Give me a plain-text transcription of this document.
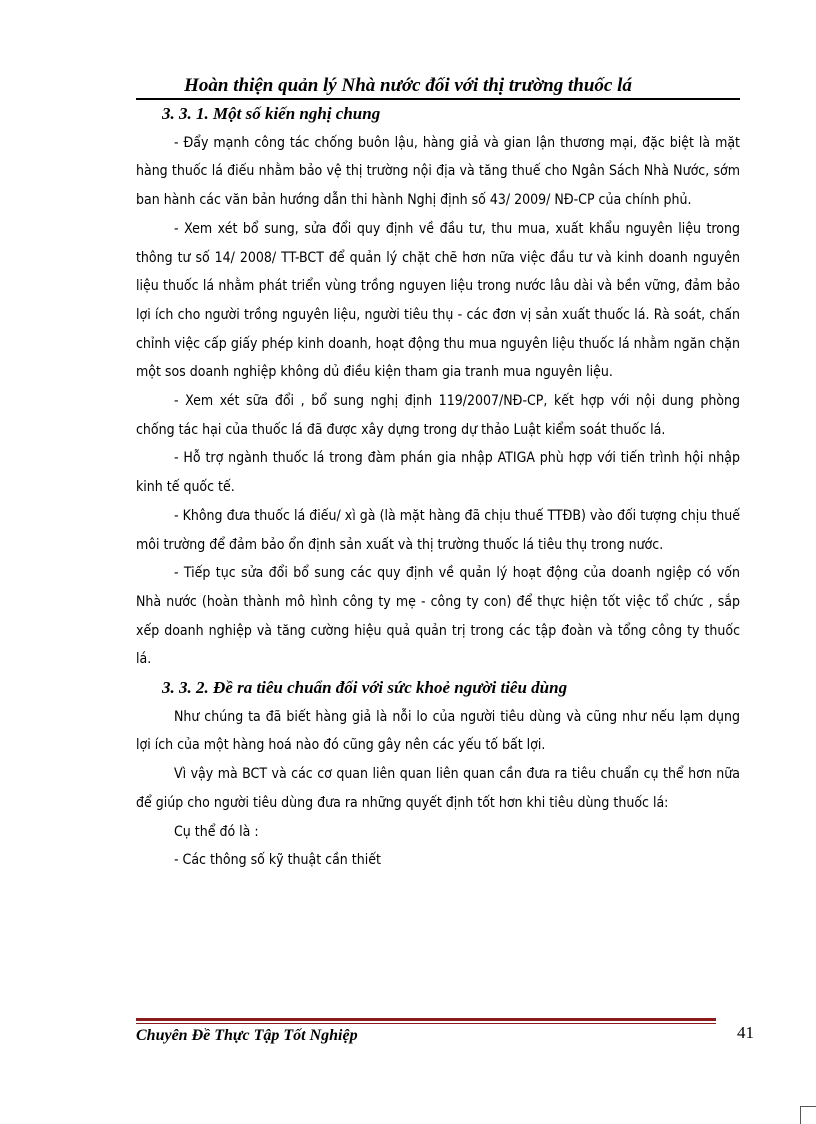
Hoàn thiện quản lý Nhà nước đối với thị trường thuốc lá
3. 3. 1. Một số kiến nghị chung

- Đẩy mạnh công tác chống buôn lậu, hàng giả và gian lận thương mại, đặc biệt là mặt hàng thuốc lá điếu nhằm bảo vệ thị trường nội địa và tăng thuế cho Ngân Sách Nhà Nước, sớm ban hành các văn bản hướng dẫn thi hành Nghị định số 43/ 2009/ NĐ-CP của chính phủ.

- Xem xét bổ sung, sửa đổi quy định về đầu tư, thu mua, xuất khẩu nguyên liệu trong thông tư số 14/ 2008/ TT-BCT để quản lý chặt chẽ hơn nữa việc đầu tư và kinh doanh nguyên liệu thuốc lá nhằm phát triển vùng trồng nguyen liệu trong nước lâu dài và bền vững, đảm bảo lợi ích cho người trồng nguyên liệu, người tiêu thụ - các đơn vị sản xuất thuốc lá. Rà soát, chấn chỉnh việc cấp giấy phép kinh doanh, hoạt động thu mua nguyên liệu thuốc lá nhằm ngăn chặn một sos doanh nghiệp không dủ điều kiện tham gia tranh mua nguyên liệu.

- Xem xét sữa đổi , bổ sung nghị định 119/2007/NĐ-CP, kết hợp với nội dung phòng chống tác hại của thuốc lá đã được xây dựng trong dự thảo Luật kiểm soát thuốc lá.

- Hỗ trợ ngành thuốc lá trong đàm phán gia nhập ATIGA phù hợp với tiến trình hội nhập kinh tế quốc tế.

- Không đưa thuốc lá điếu/ xì gà (là mặt hàng đã chịu thuế TTĐB) vào đối tượng chịu thuế môi trường để đảm bảo ổn định sản xuất và thị trường thuốc lá tiêu thụ trong nước.

- Tiếp tục sửa đổi bổ sung các quy định về quản lý hoạt động của doanh ngiệp có vốn Nhà nước (hoàn thành mô hình công ty mẹ - công ty con) để thực hiện tốt việc tổ chức , sắp xếp doanh nghiệp và tăng cường hiệu quả quản trị trong các tập đoàn và tổng công ty thuốc lá.

3. 3. 2. Đề ra tiêu chuẩn đối với sức khoẻ người tiêu dùng

Như chúng ta đã biết hàng giả là nỗi lo của người tiêu dùng và cũng như nếu lạm dụng lợi ích của một hàng hoá nào đó cũng gây nên các yếu tố bất lợi.

Vì vậy mà BCT và các cơ quan liên quan liên quan cần đưa ra tiêu chuẩn cụ thể hơn nữa để giúp cho người tiêu dùng đưa ra những quyết định tốt hơn khi tiêu dùng thuốc lá:

Cụ thể đó là :

- Các thông số kỹ thuật cần thiết

Chuyên Đề Thực Tập Tốt Nghiệp	41
